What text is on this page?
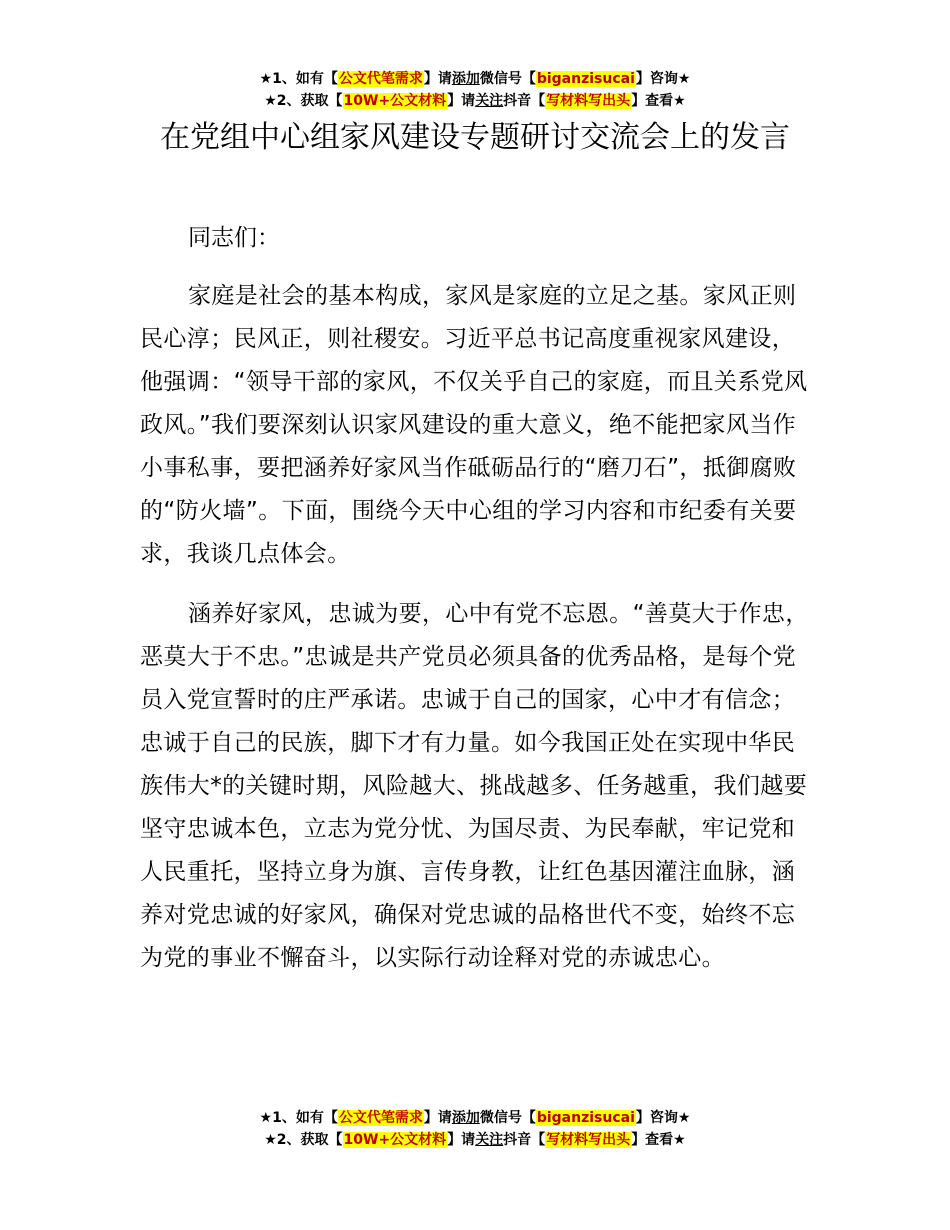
★1、如有【公文代笔需求】请添加微信号【biganzisucai】咨询★
★2、获取【10W+公文材料】请关注抖音【写材料写出头】查看★
在党组中心组家风建设专题研讨交流会上的发言

同志们：

家庭是社会的基本构成，家风是家庭的立足之基。家风正则民心淳；民风正，则社稷安。习近平总书记高度重视家风建设，他强调：“领导干部的家风，不仅关乎自己的家庭，而且关系党风政风。”我们要深刻认识家风建设的重大意义，绝不能把家风当作小事私事，要把涵养好家风当作砥砺品行的“磨刀石”，抵御腐败的“防火墙”。下面，围绕今天中心组的学习内容和市纪委有关要求，我谈几点体会。

涵养好家风，忠诚为要，心中有党不忘恩。“善莫大于作忠，恶莫大于不忠。”忠诚是共产党员必须具备的优秀品格，是每个党员入党宣誓时的庄严承诺。忠诚于自己的国家，心中才有信念；忠诚于自己的民族，脚下才有力量。如今我国正处在实现中华民族伟大*的关键时期，风险越大、挑战越多、任务越重，我们越要坚守忠诚本色，立志为党分忧、为国尽责、为民奉献，牢记党和人民重托，坚持立身为旗、言传身教，让红色基因灌注血脉，涵养对党忠诚的好家风，确保对党忠诚的品格世代不变，始终不忘为党的事业不懈奋斗，以实际行动诠释对党的赤诚忠心。

★1、如有【公文代笔需求】请添加微信号【biganzisucai】咨询★
★2、获取【10W+公文材料】请关注抖音【写材料写出头】查看★
